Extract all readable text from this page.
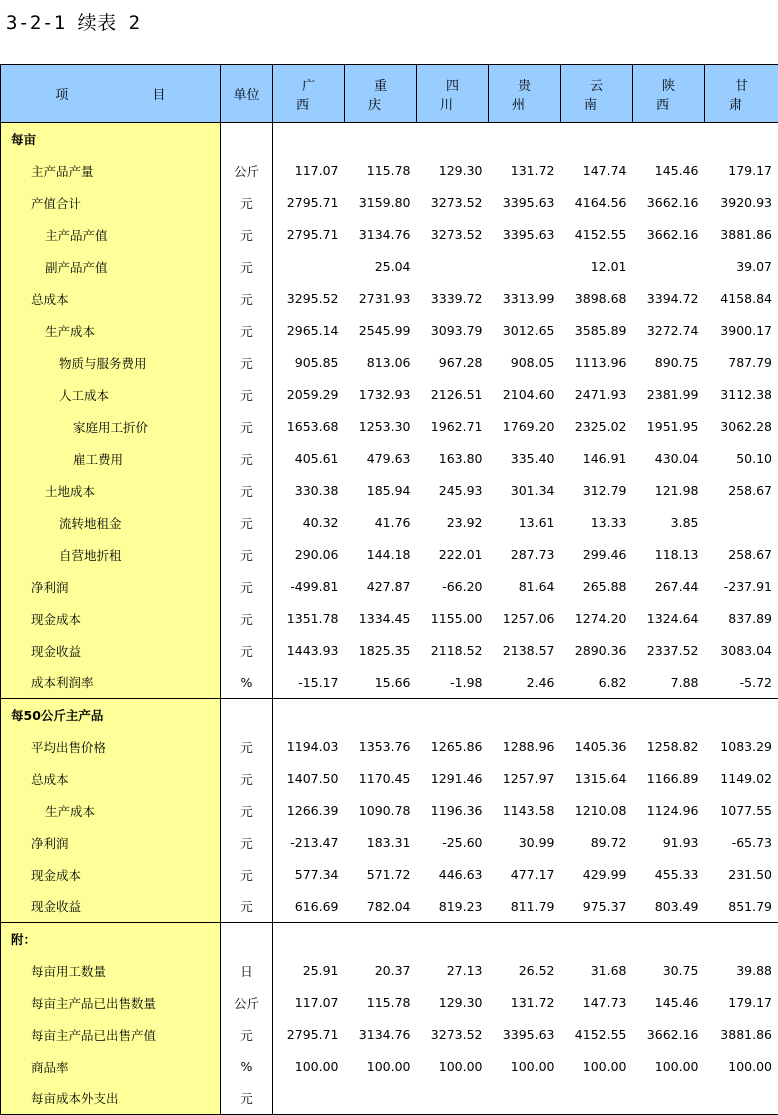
3-2-1 续表 2
项 目	单位	广 西	重 庆	四 川	贵 州	云 南	陕 西	甘 肃
每亩								
主产品产量	公斤	117.07	115.78	129.30	131.72	147.74	145.46	179.17
产值合计	元	2795.71	3159.80	3273.52	3395.63	4164.56	3662.16	3920.93
主产品产值	元	2795.71	3134.76	3273.52	3395.63	4152.55	3662.16	3881.86
副产品产值	元		25.04			12.01		39.07
总成本	元	3295.52	2731.93	3339.72	3313.99	3898.68	3394.72	4158.84
生产成本	元	2965.14	2545.99	3093.79	3012.65	3585.89	3272.74	3900.17
物质与服务费用	元	905.85	813.06	967.28	908.05	1113.96	890.75	787.79
人工成本	元	2059.29	1732.93	2126.51	2104.60	2471.93	2381.99	3112.38
家庭用工折价	元	1653.68	1253.30	1962.71	1769.20	2325.02	1951.95	3062.28
雇工费用	元	405.61	479.63	163.80	335.40	146.91	430.04	50.10
土地成本	元	330.38	185.94	245.93	301.34	312.79	121.98	258.67
流转地租金	元	40.32	41.76	23.92	13.61	13.33	3.85	
自营地折租	元	290.06	144.18	222.01	287.73	299.46	118.13	258.67
净利润	元	-499.81	427.87	-66.20	81.64	265.88	267.44	-237.91
现金成本	元	1351.78	1334.45	1155.00	1257.06	1274.20	1324.64	837.89
现金收益	元	1443.93	1825.35	2118.52	2138.57	2890.36	2337.52	3083.04
成本利润率	%	-15.17	15.66	-1.98	2.46	6.82	7.88	-5.72
每50公斤主产品								
平均出售价格	元	1194.03	1353.76	1265.86	1288.96	1405.36	1258.82	1083.29
总成本	元	1407.50	1170.45	1291.46	1257.97	1315.64	1166.89	1149.02
生产成本	元	1266.39	1090.78	1196.36	1143.58	1210.08	1124.96	1077.55
净利润	元	-213.47	183.31	-25.60	30.99	89.72	91.93	-65.73
现金成本	元	577.34	571.72	446.63	477.17	429.99	455.33	231.50
现金收益	元	616.69	782.04	819.23	811.79	975.37	803.49	851.79
附：								
每亩用工数量	日	25.91	20.37	27.13	26.52	31.68	30.75	39.88
每亩主产品已出售数量	公斤	117.07	115.78	129.30	131.72	147.73	145.46	179.17
每亩主产品已出售产值	元	2795.71	3134.76	3273.52	3395.63	4152.55	3662.16	3881.86
商品率	%	100.00	100.00	100.00	100.00	100.00	100.00	100.00
每亩成本外支出	元							
